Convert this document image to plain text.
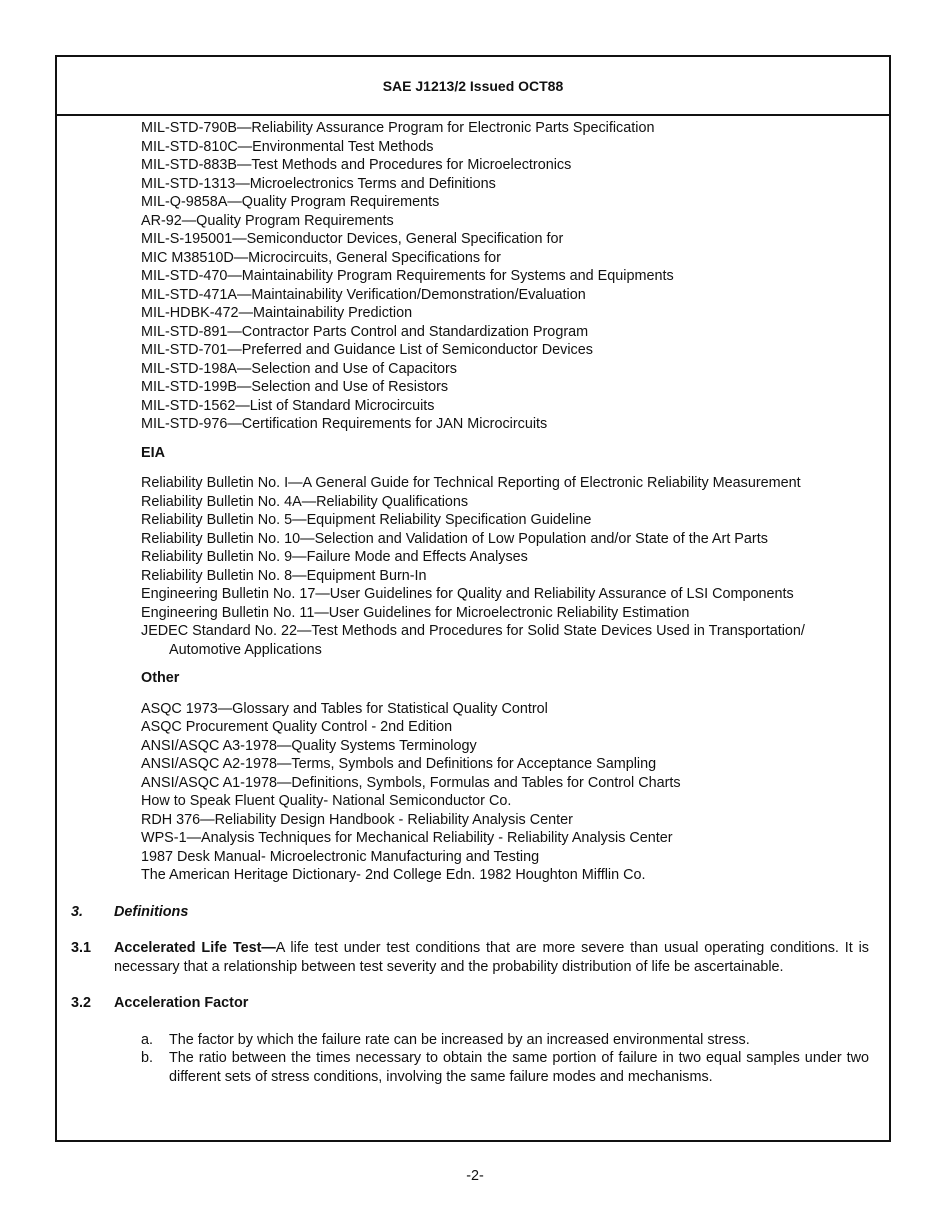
SAE J1213/2 Issued OCT88
MIL-STD-790B—Reliability Assurance Program for Electronic Parts Specification
MIL-STD-810C—Environmental Test Methods
MIL-STD-883B—Test Methods and Procedures for Microelectronics
MIL-STD-1313—Microelectronics Terms and Definitions
MIL-Q-9858A—Quality Program Requirements
AR-92—Quality Program Requirements
MIL-S-195001—Semiconductor Devices, General Specification for
MIC M38510D—Microcircuits, General Specifications for
MIL-STD-470—Maintainability Program Requirements for Systems and Equipments
MIL-STD-471A—Maintainability Verification/Demonstration/Evaluation
MIL-HDBK-472—Maintainability Prediction
MIL-STD-891—Contractor Parts Control and Standardization Program
MIL-STD-701—Preferred and Guidance List of Semiconductor Devices
MIL-STD-198A—Selection and Use of Capacitors
MIL-STD-199B—Selection and Use of Resistors
MIL-STD-1562—List of Standard Microcircuits
MIL-STD-976—Certification Requirements for JAN Microcircuits
EIA
Reliability Bulletin No. I—A General Guide for Technical Reporting of Electronic Reliability Measurement
Reliability Bulletin No. 4A—Reliability Qualifications
Reliability Bulletin No. 5—Equipment Reliability Specification Guideline
Reliability Bulletin No. 10—Selection and Validation of Low Population and/or State of the Art Parts
Reliability Bulletin No. 9—Failure Mode and Effects Analyses
Reliability Bulletin No. 8—Equipment Burn-In
Engineering Bulletin No. 17—User Guidelines for Quality and Reliability Assurance of LSI Components
Engineering Bulletin No. 11—User Guidelines for Microelectronic Reliability Estimation
JEDEC Standard No. 22—Test Methods and Procedures for Solid State Devices Used in Transportation/ Automotive Applications
Other
ASQC 1973—Glossary and Tables for Statistical Quality Control
ASQC Procurement Quality Control - 2nd Edition
ANSI/ASQC A3-1978—Quality Systems Terminology
ANSI/ASQC A2-1978—Terms, Symbols and Definitions for Acceptance Sampling
ANSI/ASQC A1-1978—Definitions, Symbols, Formulas and Tables for Control Charts
How to Speak Fluent Quality- National Semiconductor Co.
RDH 376—Reliability Design Handbook - Reliability Analysis Center
WPS-1—Analysis Techniques for Mechanical Reliability - Reliability Analysis Center
1987 Desk Manual- Microelectronic Manufacturing and Testing
The American Heritage Dictionary- 2nd College Edn. 1982 Houghton Mifflin Co.
3. Definitions
3.1 Accelerated Life Test—A life test under test conditions that are more severe than usual operating conditions. It is necessary that a relationship between test severity and the probability distribution of life be ascertainable.
3.2 Acceleration Factor
a. The factor by which the failure rate can be increased by an increased environmental stress.
b. The ratio between the times necessary to obtain the same portion of failure in two equal samples under two different sets of stress conditions, involving the same failure modes and mechanisms.
-2-
